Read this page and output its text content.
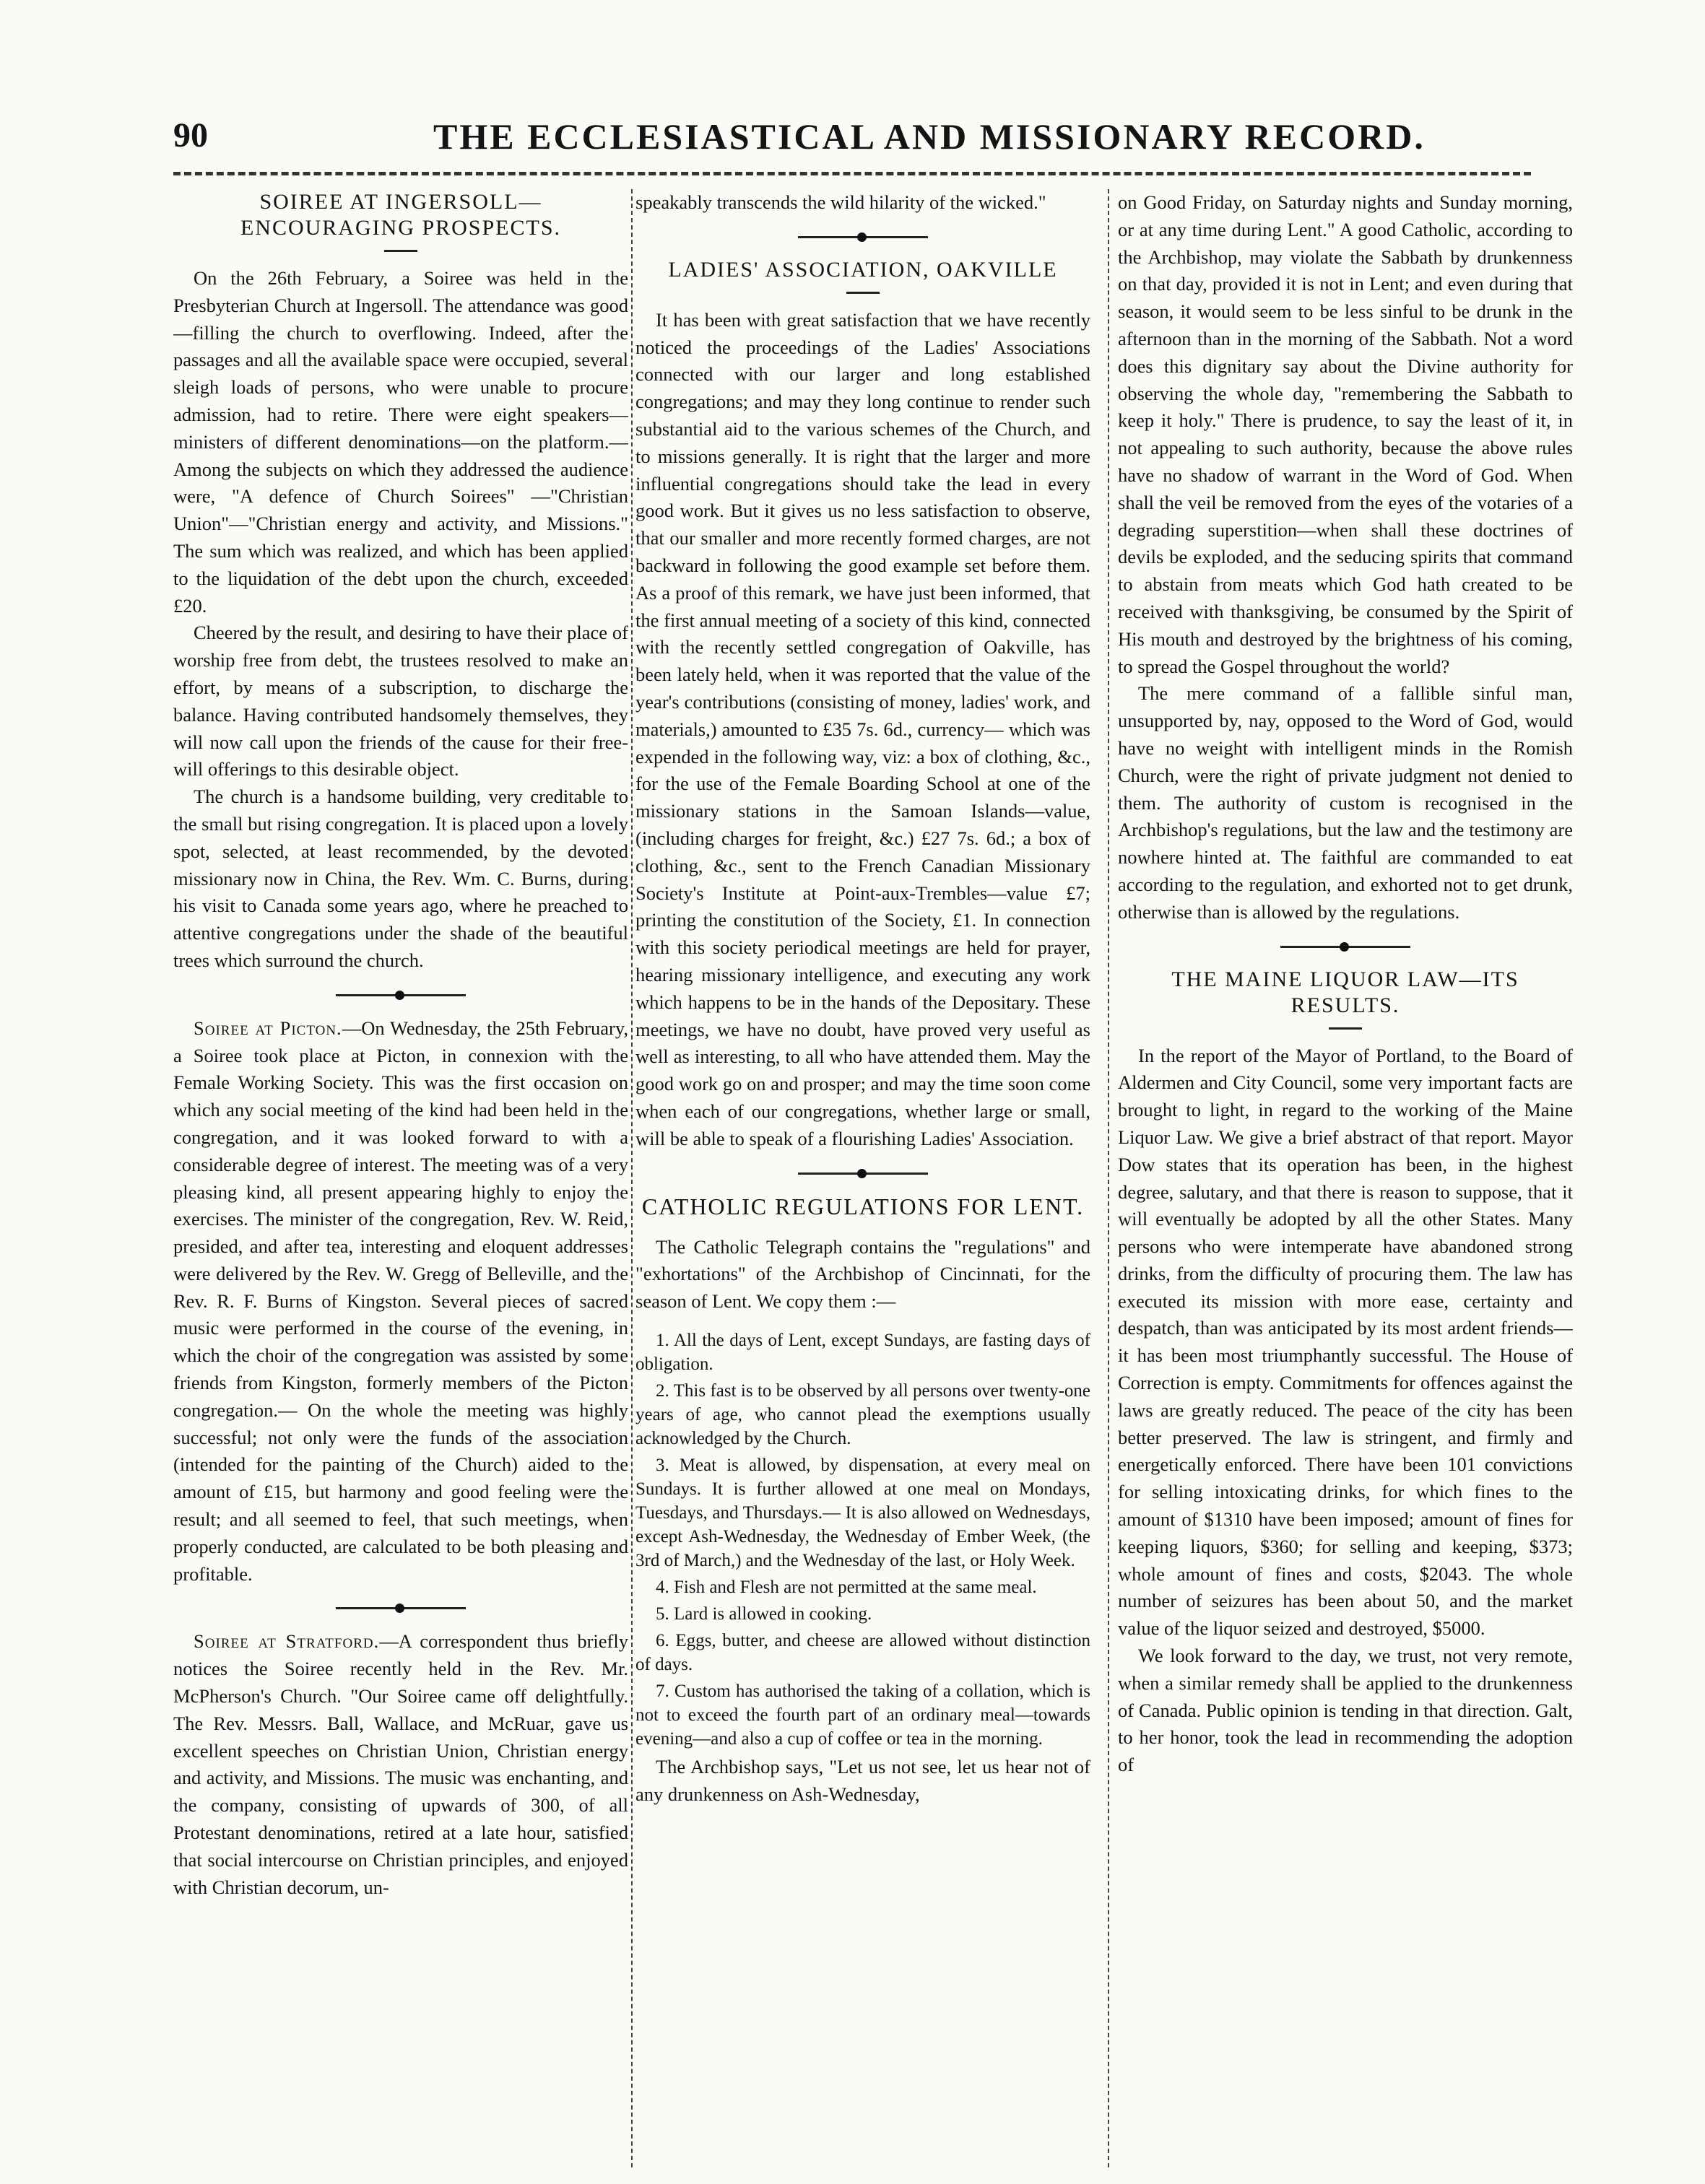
90	THE ECCLESIASTICAL AND MISSIONARY RECORD.
SOIREE AT INGERSOLL—ENCOURAGING PROSPECTS.

On the 26th February, a Soiree was held in the Presbyterian Church at Ingersoll. The attendance was good—filling the church to overflowing. Indeed, after the passages and all the available space were occupied, several sleigh loads of persons, who were unable to procure admission, had to retire. There were eight speakers—ministers of different denominations—on the platform.— Among the subjects on which they addressed the audience were, "A defence of Church Soirees" —"Christian Union"—"Christian energy and activity, and Missions." The sum which was realized, and which has been applied to the liquidation of the debt upon the church, exceeded £20.

Cheered by the result, and desiring to have their place of worship free from debt, the trustees resolved to make an effort, by means of a subscription, to discharge the balance. Having contributed handsomely themselves, they will now call upon the friends of the cause for their free-will offerings to this desirable object.

The church is a handsome building, very creditable to the small but rising congregation. It is placed upon a lovely spot, selected, at least recommended, by the devoted missionary now in China, the Rev. Wm. C. Burns, during his visit to Canada some years ago, where he preached to attentive congregations under the shade of the beautiful trees which surround the church.

Soiree at Picton.—On Wednesday, the 25th February, a Soiree took place at Picton, in connexion with the Female Working Society. This was the first occasion on which any social meeting of the kind had been held in the congregation, and it was looked forward to with a considerable degree of interest. The meeting was of a very pleasing kind, all present appearing highly to enjoy the exercises. The minister of the congregation, Rev. W. Reid, presided, and after tea, interesting and eloquent addresses were delivered by the Rev. W. Gregg of Belleville, and the Rev. R. F. Burns of Kingston. Several pieces of sacred music were performed in the course of the evening, in which the choir of the congregation was assisted by some friends from Kingston, formerly members of the Picton congregation.— On the whole the meeting was highly successful; not only were the funds of the association (intended for the painting of the Church) aided to the amount of £15, but harmony and good feeling were the result; and all seemed to feel, that such meetings, when properly conducted, are calculated to be both pleasing and profitable.

Soiree at Stratford.—A correspondent thus briefly notices the Soiree recently held in the Rev. Mr. McPherson's Church. "Our Soiree came off delightfully. The Rev. Messrs. Ball, Wallace, and McRuar, gave us excellent speeches on Christian Union, Christian energy and activity, and Missions. The music was enchanting, and the company, consisting of upwards of 300, of all Protestant denominations, retired at a late hour, satisfied that social intercourse on Christian principles, and enjoyed with Christian decorum, un-

speakably transcends the wild hilarity of the wicked."

LADIES' ASSOCIATION, OAKVILLE

It has been with great satisfaction that we have recently noticed the proceedings of the Ladies' Associations connected with our larger and long established congregations; and may they long continue to render such substantial aid to the various schemes of the Church, and to missions generally. It is right that the larger and more influential congregations should take the lead in every good work. But it gives us no less satisfaction to observe, that our smaller and more recently formed charges, are not backward in following the good example set before them. As a proof of this remark, we have just been informed, that the first annual meeting of a society of this kind, connected with the recently settled congregation of Oakville, has been lately held, when it was reported that the value of the year's contributions (consisting of money, ladies' work, and materials,) amounted to £35 7s. 6d., currency— which was expended in the following way, viz: a box of clothing, &c., for the use of the Female Boarding School at one of the missionary stations in the Samoan Islands—value, (including charges for freight, &c.) £27 7s. 6d.; a box of clothing, &c., sent to the French Canadian Missionary Society's Institute at Point-aux-Trembles—value £7; printing the constitution of the Society, £1. In connection with this society periodical meetings are held for prayer, hearing missionary intelligence, and executing any work which happens to be in the hands of the Depositary. These meetings, we have no doubt, have proved very useful as well as interesting, to all who have attended them. May the good work go on and prosper; and may the time soon come when each of our congregations, whether large or small, will be able to speak of a flourishing Ladies' Association.

CATHOLIC REGULATIONS FOR LENT.

The Catholic Telegraph contains the "regulations" and "exhortations" of the Archbishop of Cincinnati, for the season of Lent. We copy them :—

1. All the days of Lent, except Sundays, are fasting days of obligation.

2. This fast is to be observed by all persons over twenty-one years of age, who cannot plead the exemptions usually acknowledged by the Church.

3. Meat is allowed, by dispensation, at every meal on Sundays. It is further allowed at one meal on Mondays, Tuesdays, and Thursdays.— It is also allowed on Wednesdays, except Ash-Wednesday, the Wednesday of Ember Week, (the 3rd of March,) and the Wednesday of the last, or Holy Week.

4. Fish and Flesh are not permitted at the same meal.

5. Lard is allowed in cooking.

6. Eggs, butter, and cheese are allowed without distinction of days.

7. Custom has authorised the taking of a collation, which is not to exceed the fourth part of an ordinary meal—towards evening—and also a cup of coffee or tea in the morning.

The Archbishop says, "Let us not see, let us hear not of any drunkenness on Ash-Wednesday,

on Good Friday, on Saturday nights and Sunday morning, or at any time during Lent." A good Catholic, according to the Archbishop, may violate the Sabbath by drunkenness on that day, provided it is not in Lent; and even during that season, it would seem to be less sinful to be drunk in the afternoon than in the morning of the Sabbath. Not a word does this dignitary say about the Divine authority for observing the whole day, "remembering the Sabbath to keep it holy." There is prudence, to say the least of it, in not appealing to such authority, because the above rules have no shadow of warrant in the Word of God. When shall the veil be removed from the eyes of the votaries of a degrading superstition—when shall these doctrines of devils be exploded, and the seducing spirits that command to abstain from meats which God hath created to be received with thanksgiving, be consumed by the Spirit of His mouth and destroyed by the brightness of his coming, to spread the Gospel throughout the world?

The mere command of a fallible sinful man, unsupported by, nay, opposed to the Word of God, would have no weight with intelligent minds in the Romish Church, were the right of private judgment not denied to them. The authority of custom is recognised in the Archbishop's regulations, but the law and the testimony are nowhere hinted at. The faithful are commanded to eat according to the regulation, and exhorted not to get drunk, otherwise than is allowed by the regulations.

THE MAINE LIQUOR LAW—ITS RESULTS.

In the report of the Mayor of Portland, to the Board of Aldermen and City Council, some very important facts are brought to light, in regard to the working of the Maine Liquor Law. We give a brief abstract of that report. Mayor Dow states that its operation has been, in the highest degree, salutary, and that there is reason to suppose, that it will eventually be adopted by all the other States. Many persons who were intemperate have abandoned strong drinks, from the difficulty of procuring them. The law has executed its mission with more ease, certainty and despatch, than was anticipated by its most ardent friends—it has been most triumphantly successful. The House of Correction is empty. Commitments for offences against the laws are greatly reduced. The peace of the city has been better preserved. The law is stringent, and firmly and energetically enforced. There have been 101 convictions for selling intoxicating drinks, for which fines to the amount of $1310 have been imposed; amount of fines for keeping liquors, $360; for selling and keeping, $373; whole amount of fines and costs, $2043. The whole number of seizures has been about 50, and the market value of the liquor seized and destroyed, $5000.

We look forward to the day, we trust, not very remote, when a similar remedy shall be applied to the drunkenness of Canada. Public opinion is tending in that direction. Galt, to her honor, took the lead in recommending the adoption of
